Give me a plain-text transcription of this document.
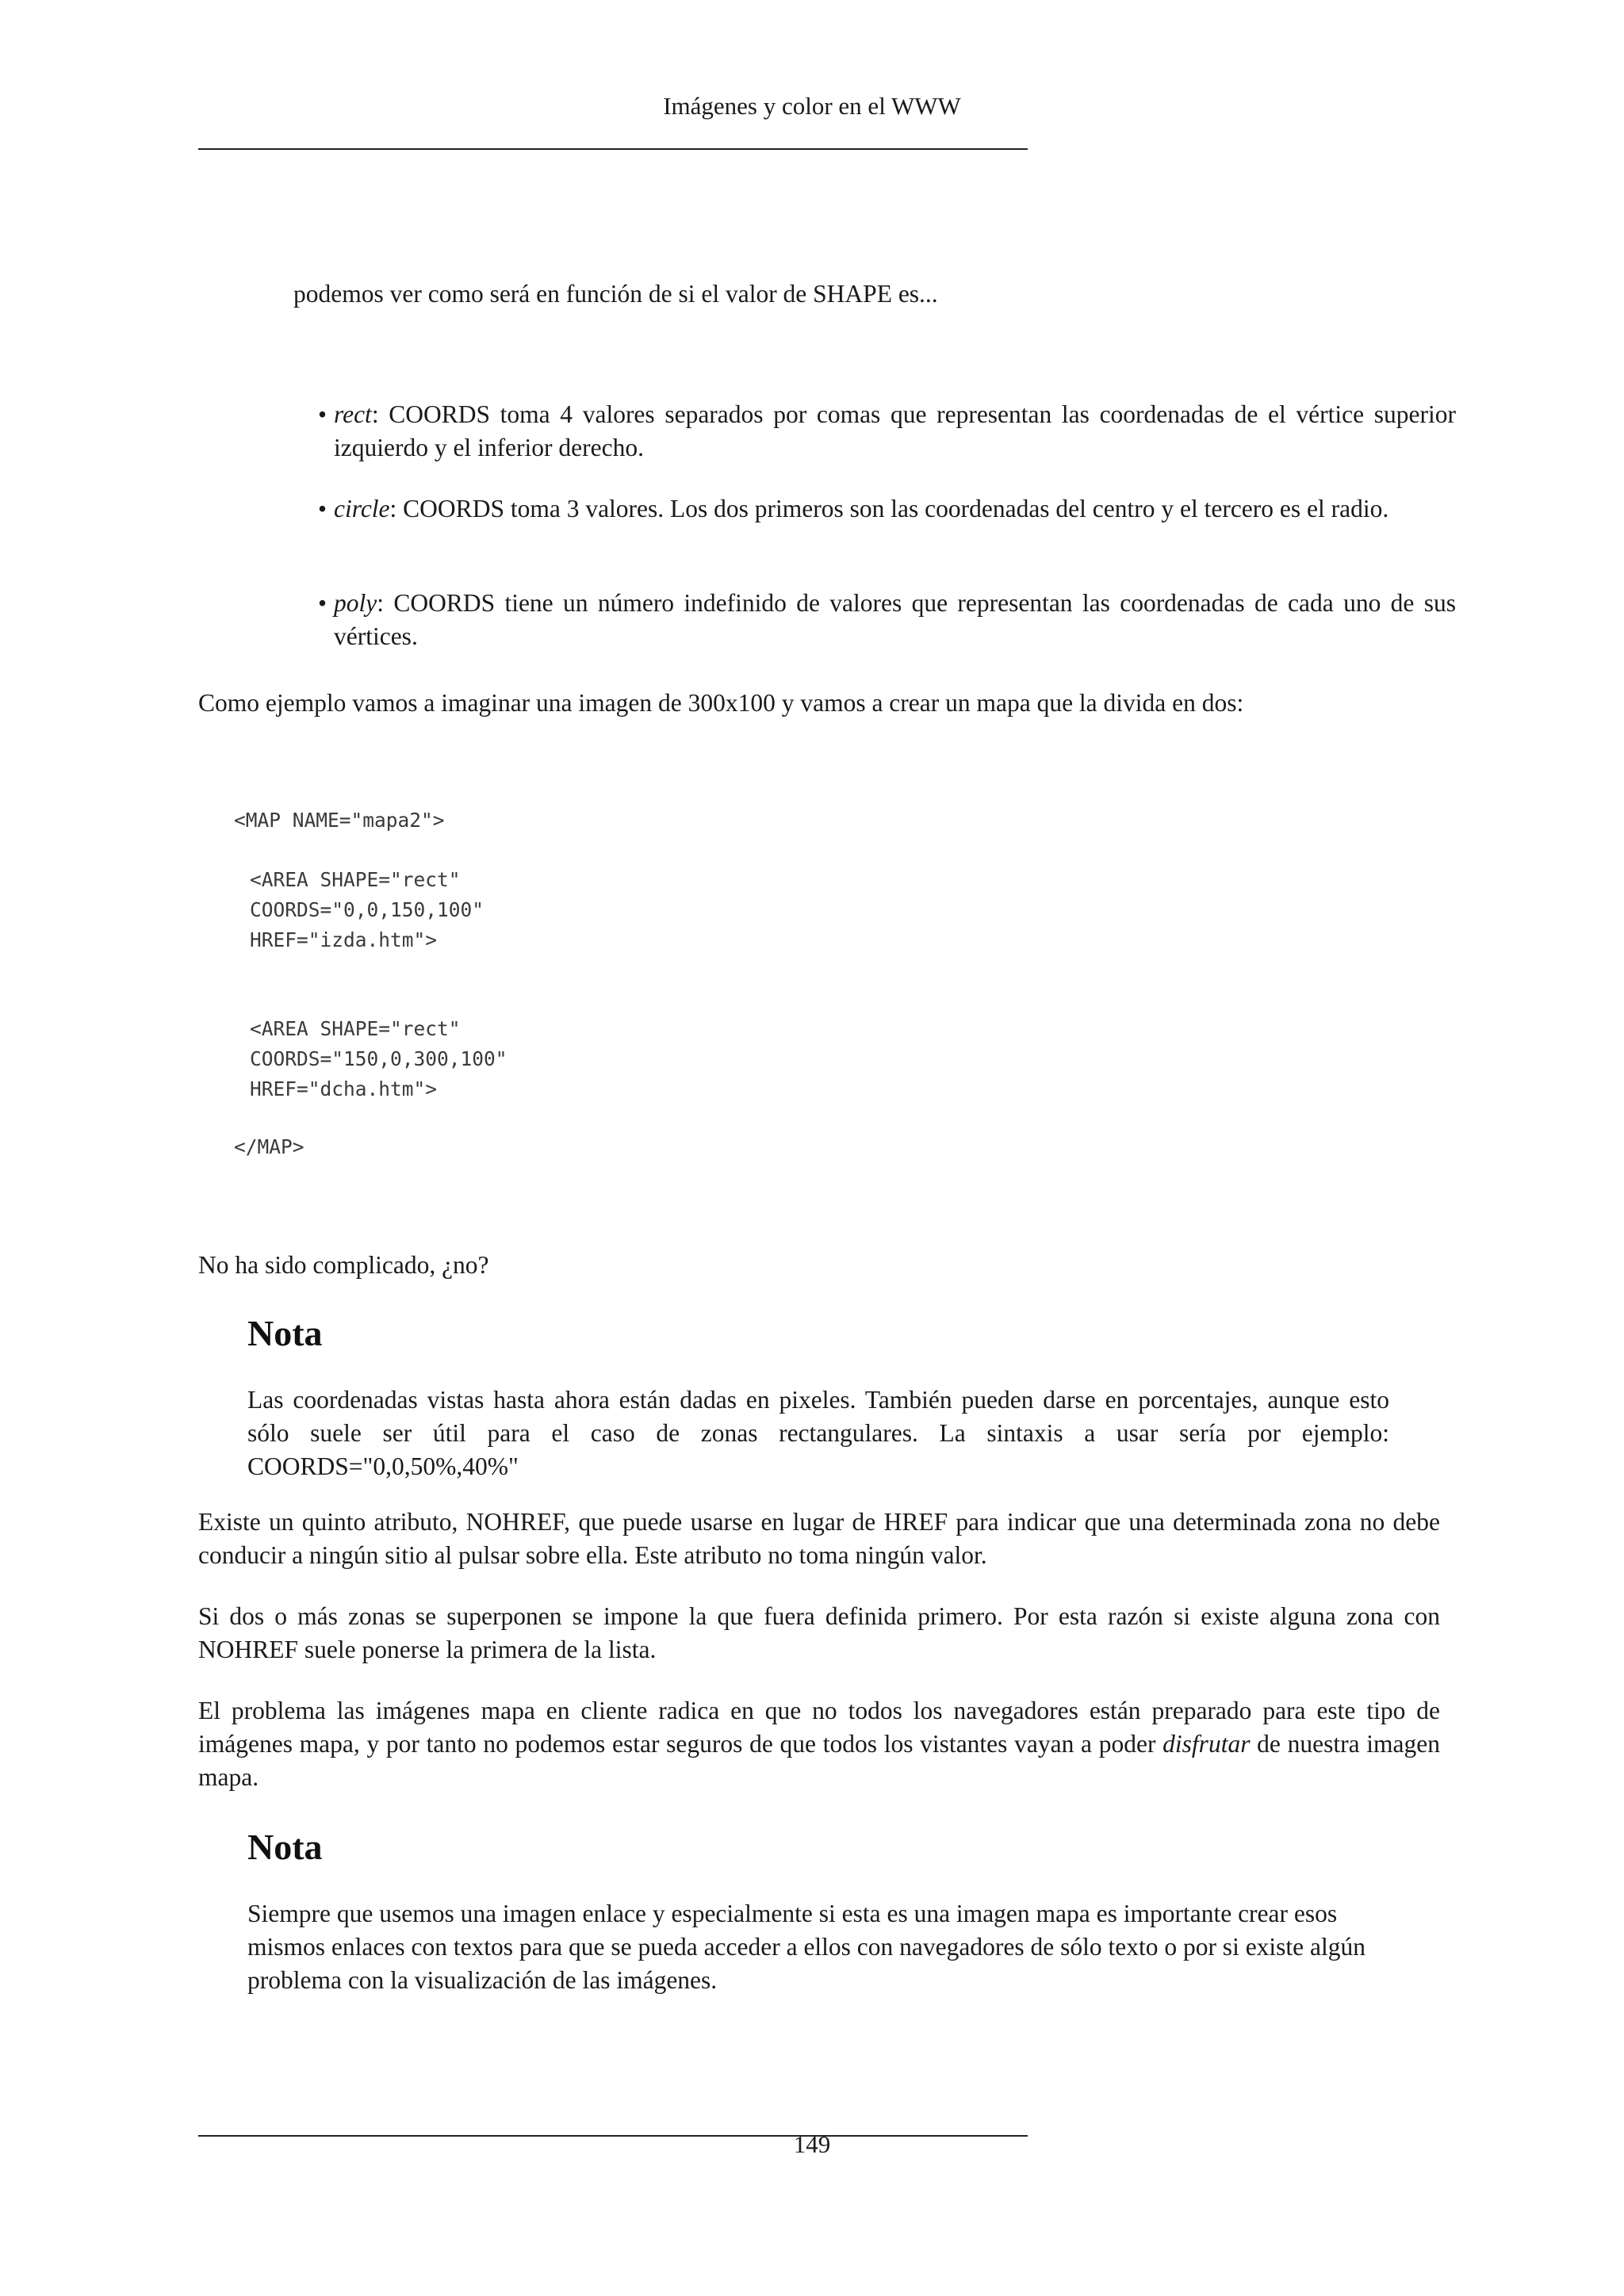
Imágenes y color en el WWW
podemos ver como será en función de si el valor de SHAPE es...
• rect: COORDS toma 4 valores separados por comas que representan las coordenadas de el vértice superior izquierdo y el inferior derecho.
• circle: COORDS toma 3 valores. Los dos primeros son las coordenadas del centro y el tercero es el radio.
• poly: COORDS tiene un número indefinido de valores que representan las coordenadas de cada uno de sus vértices.
Como ejemplo vamos a imaginar una imagen de 300x100 y vamos a crear un mapa que la divida en dos:
<MAP NAME="mapa2">
<AREA SHAPE="rect"
COORDS="0,0,150,100"
HREF="izda.htm">
<AREA SHAPE="rect"
COORDS="150,0,300,100"
HREF="dcha.htm">
</MAP>
No ha sido complicado, ¿no?
Nota
Las coordenadas vistas hasta ahora están dadas en pixeles. También pueden darse en porcentajes, aunque esto sólo suele ser útil para el caso de zonas rectangulares. La sintaxis a usar sería por ejemplo: COORDS="0,0,50%,40%"
Existe un quinto atributo, NOHREF, que puede usarse en lugar de HREF para indicar que una determinada zona no debe conducir a ningún sitio al pulsar sobre ella. Este atributo no toma ningún valor.
Si dos o más zonas se superponen se impone la que fuera definida primero. Por esta razón si existe alguna zona con NOHREF suele ponerse la primera de la lista.
El problema las imágenes mapa en cliente radica en que no todos los navegadores están preparado para este tipo de imágenes mapa, y por tanto no podemos estar seguros de que todos los vistantes vayan a poder disfrutar de nuestra imagen mapa.
Nota
Siempre que usemos una imagen enlace y especialmente si esta es una imagen mapa es importante crear esos mismos enlaces con textos para que se pueda acceder a ellos con navegadores de sólo texto o por si existe algún problema con la visualización de las imágenes.
149
